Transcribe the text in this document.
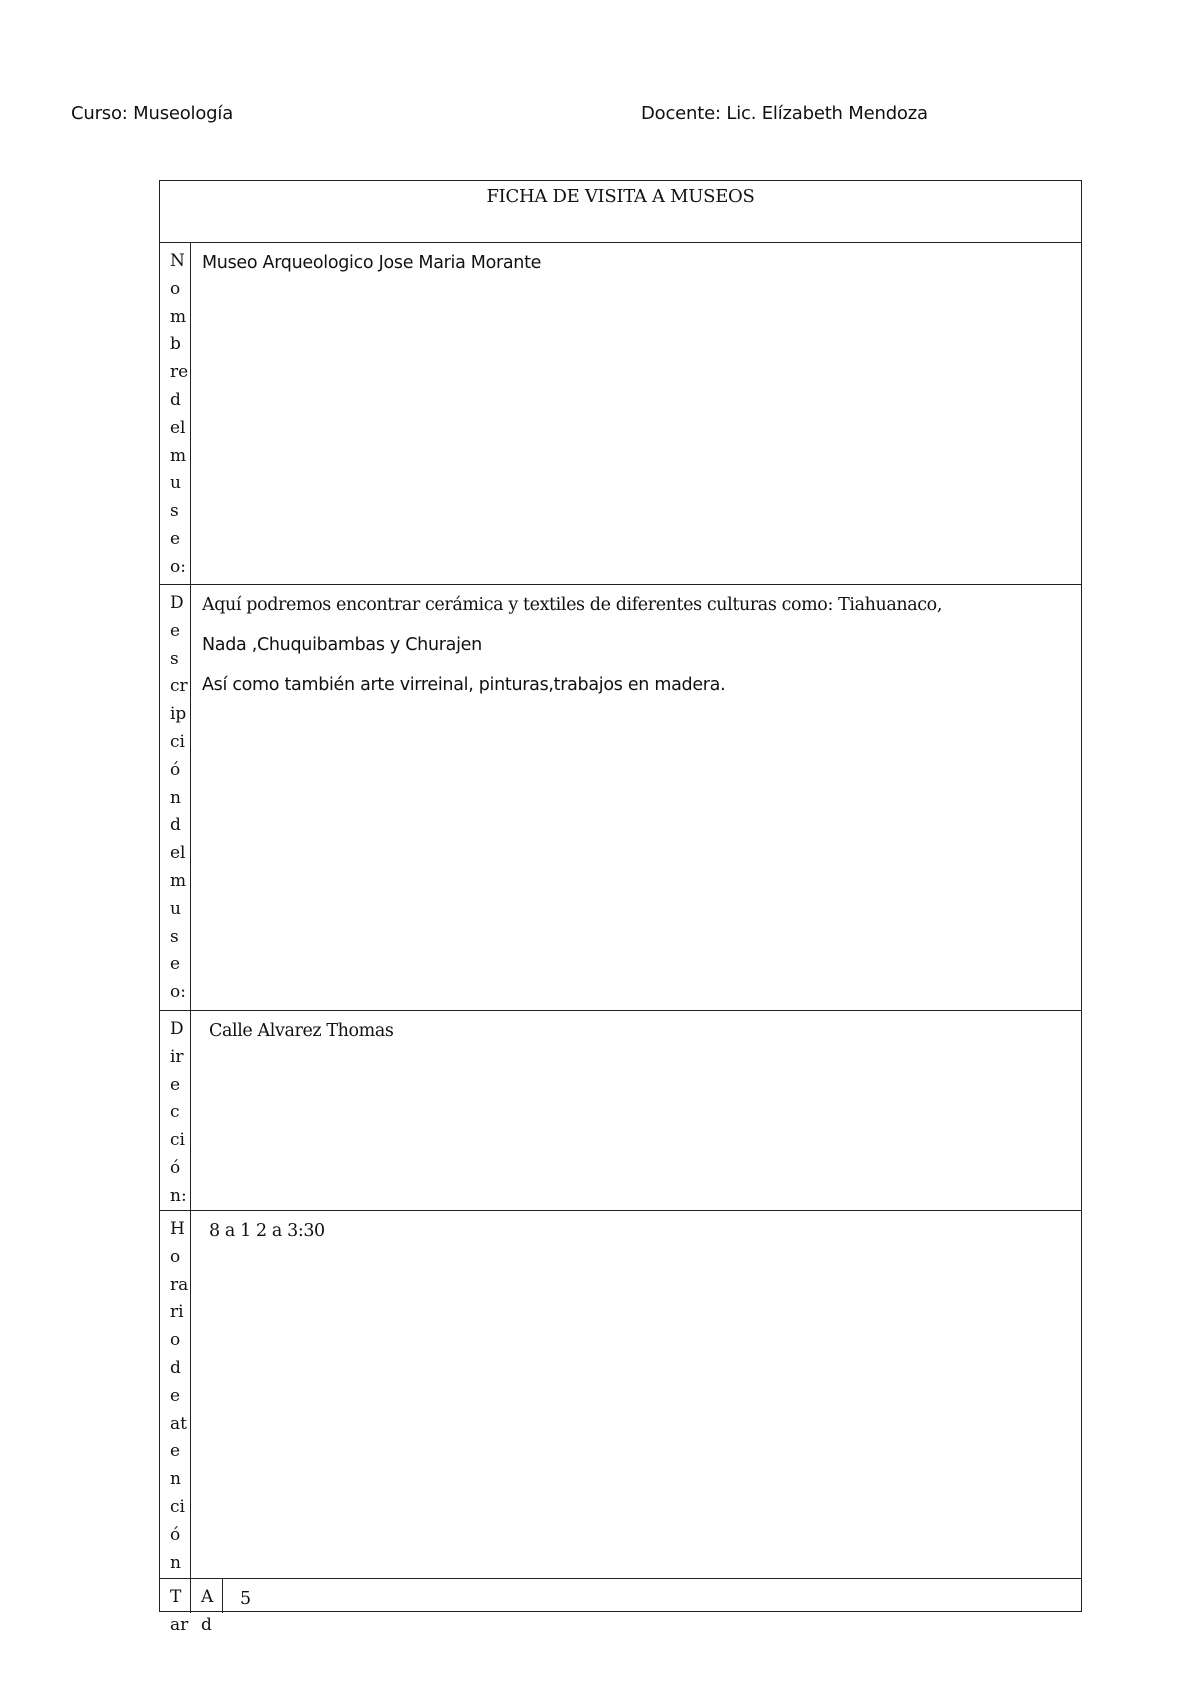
Curso: Museología	Docente: Lic. Elízabeth Mendoza
FICHA DE VISITA A MUSEOS
N
o
m
b
re
d
el
m
u
s
e
o:
Museo Arqueologico Jose Maria Morante
D
e
s
cr
ip
ci
ó
n
d
el
m
u
s
e
o:
Aquí podremos encontrar cerámica y textiles de diferentes culturas como: Tiahuanaco,
Nada ,Chuquibambas y Churajen
Así como también arte virreinal, pinturas,trabajos en madera.
D
ir
e
c
ci
ó
n:
Calle Alvarez Thomas
H
o
ra
ri
o
d
e
at
e
n
ci
ó
n
8 a 1 2 a 3:30
T
ar
A
d
5
